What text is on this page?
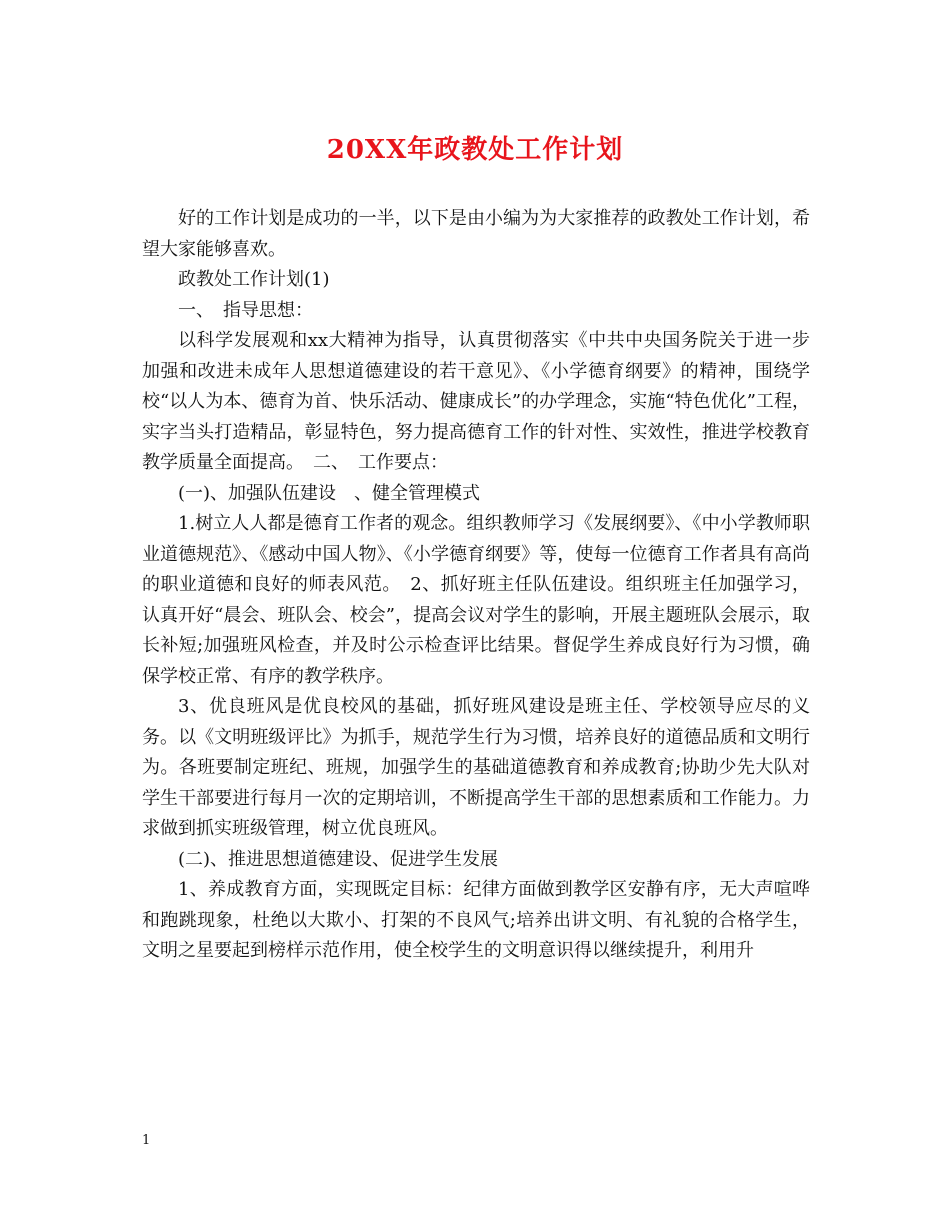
20XX年政教处工作计划

好的工作计划是成功的一半，以下是由小编为为大家推荐的政教处工作计划，希望大家能够喜欢。

政教处工作计划(1)

一、　指导思想：

以科学发展观和xx大精神为指导，认真贯彻落实《中共中央国务院关于进一步加强和改进未成年人思想道德建设的若干意见》、《小学德育纲要》的精神，围绕学校“以人为本、德育为首、快乐活动、健康成长”的办学理念，实施“特色优化”工程，实字当头打造精品，彰显特色，努力提高德育工作的针对性、实效性，推进学校教育教学质量全面提高。　二、　工作要点：

(一)、加强队伍建设　、健全管理模式

1.树立人人都是德育工作者的观念。组织教师学习《发展纲要》、《中小学教师职业道德规范》、《感动中国人物》、《小学德育纲要》等，使每一位德育工作者具有高尚的职业道德和良好的师表风范。　2、抓好班主任队伍建设。组织班主任加强学习，认真开好“晨会、班队会、校会”，提高会议对学生的影响，开展主题班队会展示，取长补短;加强班风检查，并及时公示检查评比结果。督促学生养成良好行为习惯，确保学校正常、有序的教学秩序。

3、优良班风是优良校风的基础，抓好班风建设是班主任、学校领导应尽的义务。以《文明班级评比》为抓手，规范学生行为习惯，培养良好的道德品质和文明行为。各班要制定班纪、班规，加强学生的基础道德教育和养成教育;协助少先大队对学生干部要进行每月一次的定期培训，不断提高学生干部的思想素质和工作能力。力求做到抓实班级管理，树立优良班风。

(二)、推进思想道德建设、促进学生发展

1、养成教育方面，实现既定目标：纪律方面做到教学区安静有序，无大声喧哗和跑跳现象，杜绝以大欺小、打架的不良风气;培养出讲文明、有礼貌的合格学生，文明之星要起到榜样示范作用，使全校学生的文明意识得以继续提升，利用升

1
